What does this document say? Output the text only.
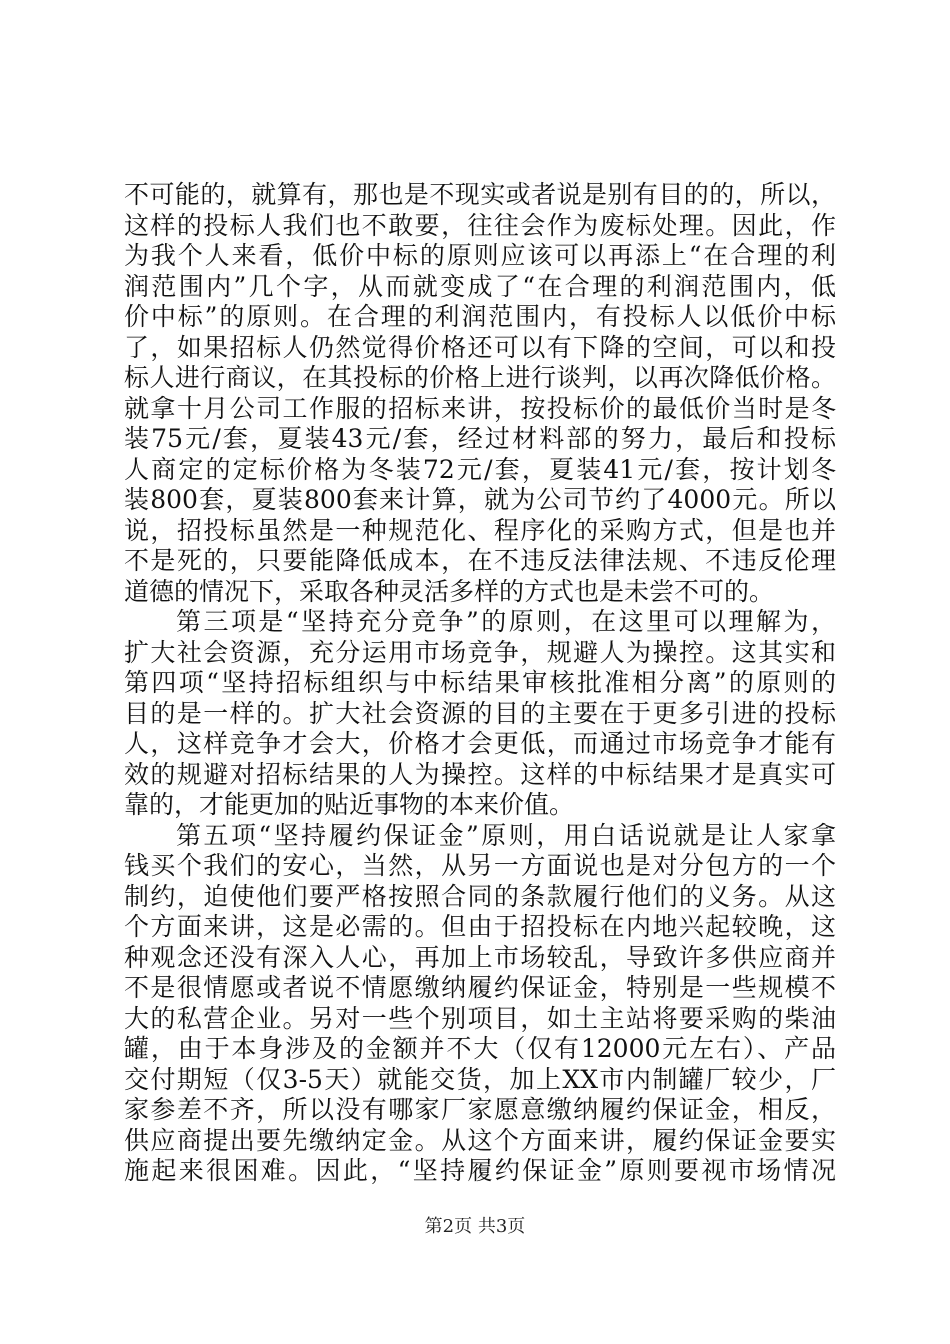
不可能的，就算有，那也是不现实或者说是别有目的的，所以，
这样的投标人我们也不敢要，往往会作为废标处理。因此，作
为我个人来看，低价中标的原则应该可以再添上“在合理的利
润范围内”几个字，从而就变成了“在合理的利润范围内，低
价中标”的原则。在合理的利润范围内，有投标人以低价中标
了，如果招标人仍然觉得价格还可以有下降的空间，可以和投
标人进行商议，在其投标的价格上进行谈判，以再次降低价格。
就拿十月公司工作服的招标来讲，按投标价的最低价当时是冬
装75元/套，夏装43元/套，经过材料部的努力，最后和投标
人商定的定标价格为冬装72元/套，夏装41元/套，按计划冬
装800套，夏装800套来计算，就为公司节约了4000元。所以
说，招投标虽然是一种规范化、程序化的采购方式，但是也并
不是死的，只要能降低成本，在不违反法律法规、不违反伦理
道德的情况下，采取各种灵活多样的方式也是未尝不可的。
第三项是“坚持充分竞争”的原则，在这里可以理解为，
扩大社会资源，充分运用市场竞争，规避人为操控。这其实和
第四项“坚持招标组织与中标结果审核批准相分离”的原则的
目的是一样的。扩大社会资源的目的主要在于更多引进的投标
人，这样竞争才会大，价格才会更低，而通过市场竞争才能有
效的规避对招标结果的人为操控。这样的中标结果才是真实可
靠的，才能更加的贴近事物的本来价值。
第五项“坚持履约保证金”原则，用白话说就是让人家拿
钱买个我们的安心，当然，从另一方面说也是对分包方的一个
制约，迫使他们要严格按照合同的条款履行他们的义务。从这
个方面来讲，这是必需的。但由于招投标在内地兴起较晚，这
种观念还没有深入人心，再加上市场较乱，导致许多供应商并
不是很情愿或者说不情愿缴纳履约保证金，特别是一些规模不
大的私营企业。另对一些个别项目，如土主站将要采购的柴油
罐，由于本身涉及的金额并不大（仅有12000元左右）、产品
交付期短（仅3-5天）就能交货，加上XX市内制罐厂较少，厂
家参差不齐，所以没有哪家厂家愿意缴纳履约保证金，相反，
供应商提出要先缴纳定金。从这个方面来讲，履约保证金要实
施起来很困难。因此，“坚持履约保证金”原则要视市场情况
第2页 共3页
